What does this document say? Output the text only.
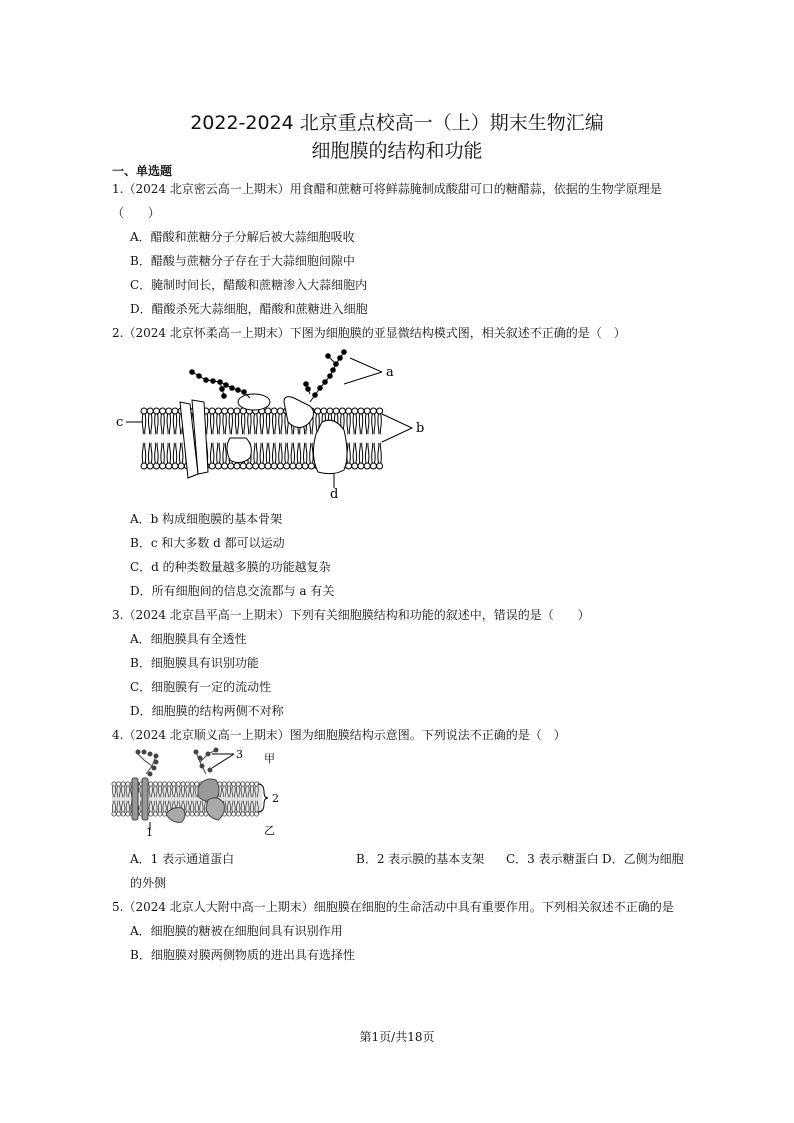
2022-2024 北京重点校高一（上）期末生物汇编
细胞膜的结构和功能
一、单选题
1.（2024 北京密云高一上期末）用食醋和蔗糖可将鲜蒜腌制成酸甜可口的糖醋蒜，依据的生物学原理是
（　　）
A．醋酸和蔗糖分子分解后被大蒜细胞吸收
B．醋酸与蔗糖分子存在于大蒜细胞间隙中
C．腌制时间长，醋酸和蔗糖渗入大蒜细胞内
D．醋酸杀死大蒜细胞，醋酸和蔗糖进入细胞
2.（2024 北京怀柔高一上期末）下图为细胞膜的亚显微结构模式图，相关叙述不正确的是（　）
a
b
c
d
A．b 构成细胞膜的基本骨架
B．c 和大多数 d 都可以运动
C．d 的种类数量越多膜的功能越复杂
D．所有细胞间的信息交流都与 a 有关
3.（2024 北京昌平高一上期末）下列有关细胞膜结构和功能的叙述中，错误的是（　　）
A．细胞膜具有全透性
B．细胞膜具有识别功能
C．细胞膜有一定的流动性
D．细胞膜的结构两侧不对称
4.（2024 北京顺义高一上期末）图为细胞膜结构示意图。下列说法不正确的是（　）
3 甲
2
1	乙
A．1 表示通道蛋白	B．2 表示膜的基本支架 C．3 表示糖蛋白 D．乙侧为细胞
的外侧
5.（2024 北京人大附中高一上期末）细胞膜在细胞的生命活动中具有重要作用。下列相关叙述不正确的是
A．细胞膜的糖被在细胞间具有识别作用
B．细胞膜对膜两侧物质的进出具有选择性
第1页/共18页
